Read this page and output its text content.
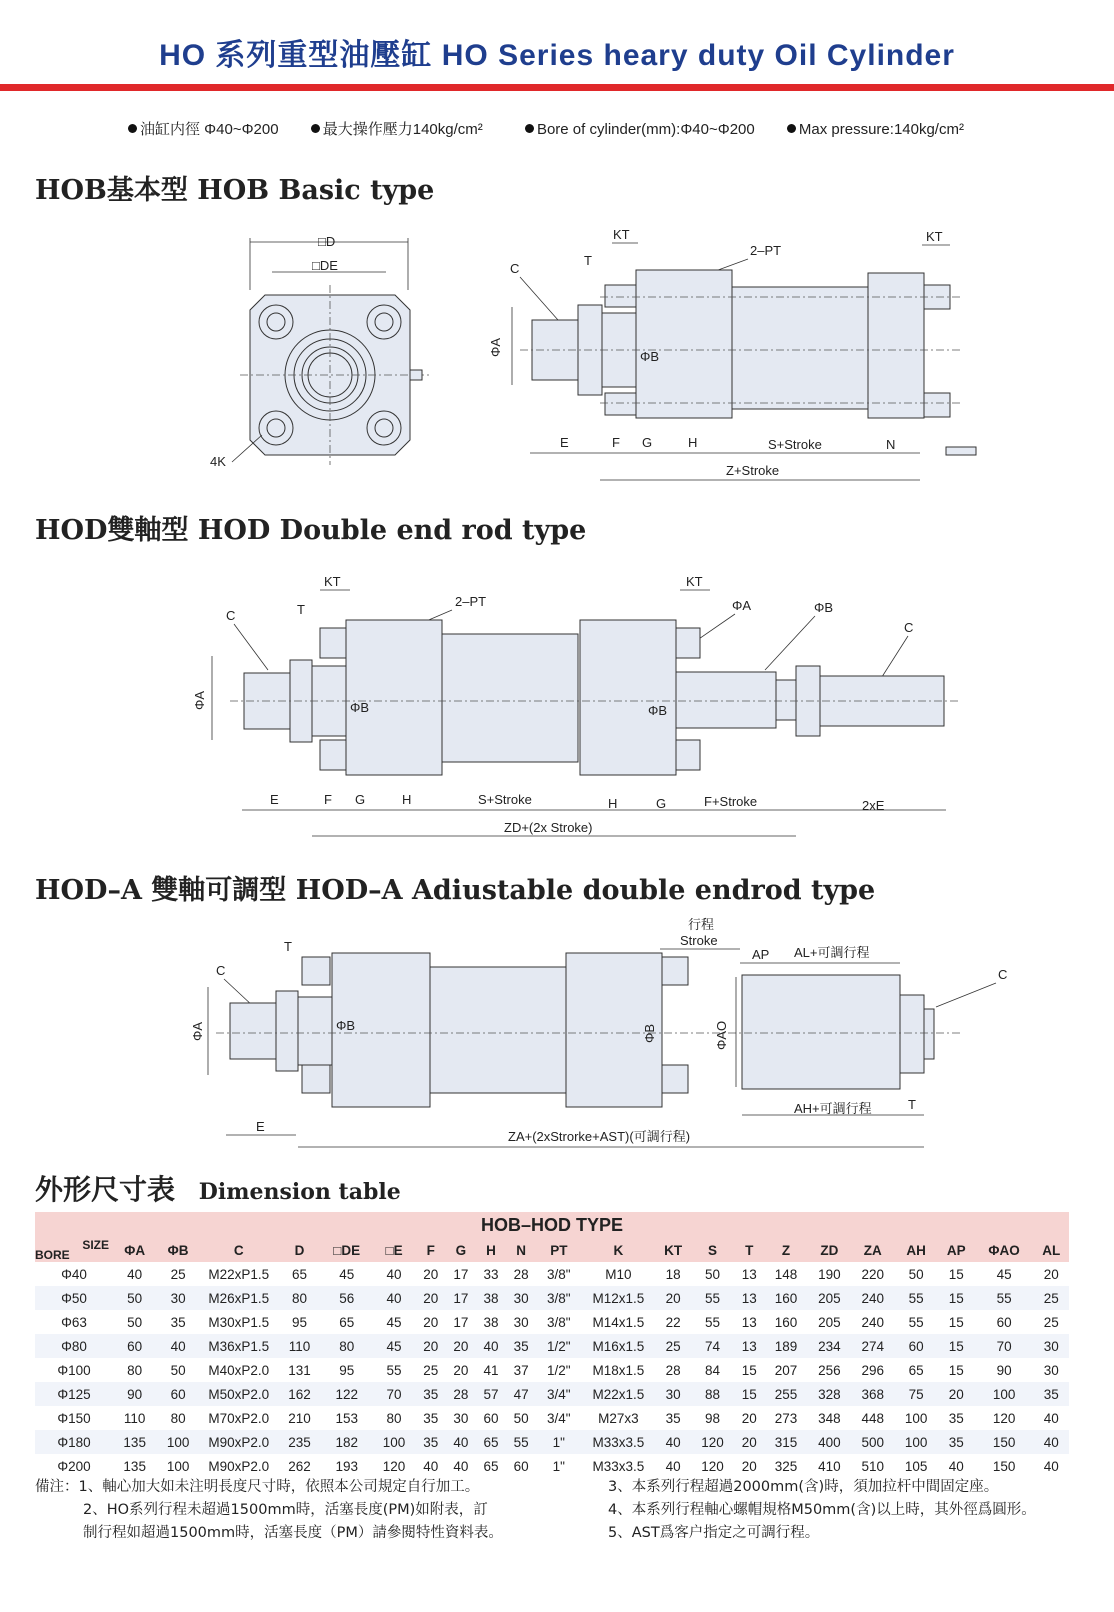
HO 系列重型油壓缸 HO Series heary duty Oil Cylinder
油缸内徑 Φ40~Φ200	最大操作壓力140kg/cm²	Bore of cylinder(mm):Φ40~Φ200	Max pressure:140kg/cm²
HOB基本型 HOB Basic type
□D
□DE
4K
KT
2–PT
KT
C
T
ΦA	ΦB
E	F G	H	S+Stroke	N
Z+Stroke
HOD雙軸型 HOD Double end rod type
KT
T
2–PT
KT
ΦA	ΦB
C
C
ΦA	ΦB	ΦB
E	F G	H	S+Stroke	H	G	F+Stroke	2xE
ZD+(2x Stroke)
HOD–A 雙軸可調型 HOD–A Adiustable double endrod type
T
C
行程
Stroke
AP AL+可調行程
C
ΦA	ΦB	ΦB	ΦAO
AH+可調行程	T
E
ZA+(2xStrorke+AST)(可調行程)
外形尺寸表 Dimension table
HOB–HOD TYPE																						

BORE
SIZE	ΦA	ΦB	C	D	□DE	□E	F	G	H	N	PT	K	KT	S	T	Z	ZD	ZA	AH	AP	ΦAO	AL
Φ40	40	25	M22xP1.5	65	45	40	20	17	33	28	3/8"	M10	18	50	13	148	190	220	50	15	45	20
Φ50	50	30	M26xP1.5	80	56	40	20	17	38	30	3/8"	M12x1.5	20	55	13	160	205	240	55	15	55	25
Φ63	50	35	M30xP1.5	95	65	45	20	17	38	30	3/8"	M14x1.5	22	55	13	160	205	240	55	15	60	25
Φ80	60	40	M36xP1.5	110	80	45	20	20	40	35	1/2"	M16x1.5	25	74	13	189	234	274	60	15	70	30
Φ100	80	50	M40xP2.0	131	95	55	25	20	41	37	1/2"	M18x1.5	28	84	15	207	256	296	65	15	90	30
Φ125	90	60	M50xP2.0	162	122	70	35	28	57	47	3/4"	M22x1.5	30	88	15	255	328	368	75	20	100	35
Φ150	110	80	M70xP2.0	210	153	80	35	30	60	50	3/4"	M27x3	35	98	20	273	348	448	100	35	120	40
Φ180	135	100	M90xP2.0	235	182	100	35	40	65	55	1"	M33x3.5	40	120	20	315	400	500	100	35	150	40
Φ200	135	100	M90xP2.0	262	193	120	40	40	65	60	1"	M33x3.5	40	120	20	325	410	510	105	40	150	40
備注：1、軸心加大如未注明長度尺寸時，依照本公司規定自行加工。
2、HO系列行程未超過1500mm時，活塞長度(PM)如附表，訂
制行程如超過1500mm時，活塞長度（PM）請參閱特性資料表。
3、本系列行程超過2000mm(含)時，須加拉杆中間固定座。
4、本系列行程軸心螺帽規格M50mm(含)以上時，其外徑爲圓形。
5、AST爲客户指定之可調行程。
